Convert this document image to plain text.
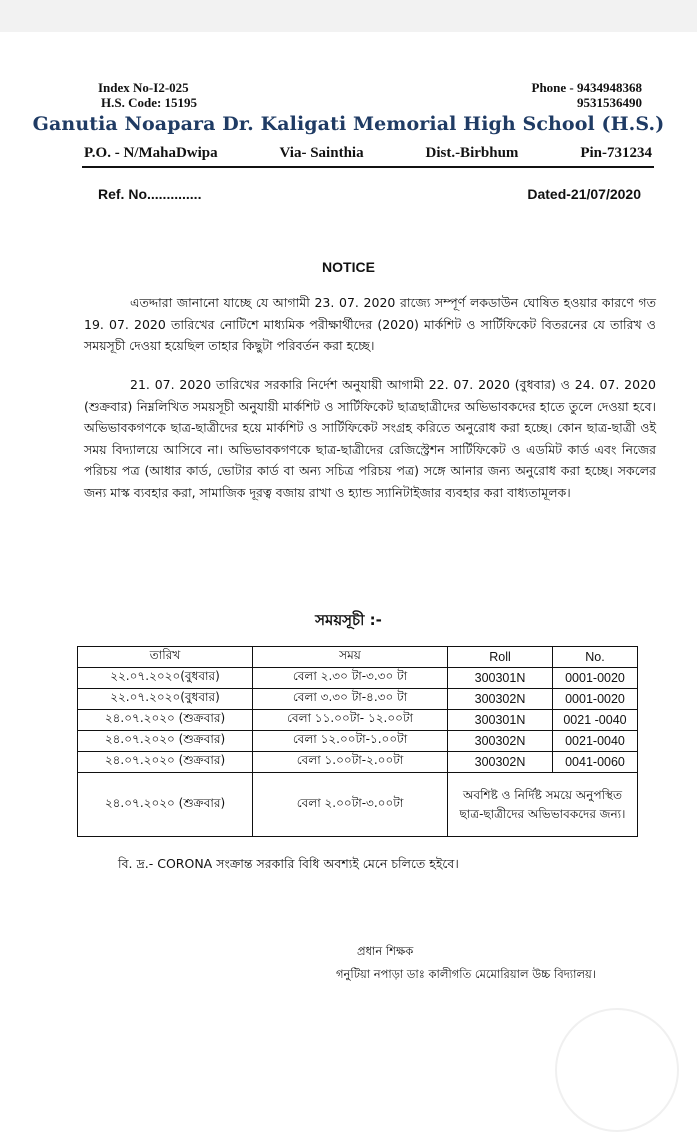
Index No-I2-025
H.S. Code: 15195
Phone - 9434948368
9531536490
Ganutia Noapara Dr. Kaligati Memorial High School (H.S.)
P.O. - N/MahaDwipa	Via- Sainthia	Dist.-Birbhum	Pin-731234
Ref. No..............	Dated-21/07/2020
NOTICE
এতদ্দারা জানানো যাচ্ছে যে আগামী 23. 07. 2020 রাজ্যে সম্পূর্ণ লকডাউন ঘোষিত হওয়ার কারণে গত 19. 07. 2020 তারিখের নোটিশে মাধ্যমিক পরীক্ষার্থীদের (2020) মার্কশিট ও সার্টিফিকেট বিতরনের যে তারিখ ও সময়সূচী দেওয়া হয়েছিল তাহার কিছুটা পরিবর্তন করা হচ্ছে।
21. 07. 2020 তারিখের সরকারি নির্দেশ অনুযায়ী আগামী 22. 07. 2020 (বুধবার) ও 24. 07. 2020 (শুক্রবার) নিম্নলিখিত সময়সূচী অনুযায়ী মার্কশিট ও সার্টিফিকেট ছাত্রছাত্রীদের অভিভাবকদের হাতে তুলে দেওয়া হবে। অভিভাবকগণকে ছাত্র-ছাত্রীদের হয়ে মার্কশিট ও সার্টিফিকেট সংগ্রহ করিতে অনুরোধ করা হচ্ছে। কোন ছাত্র-ছাত্রী ওই সময় বিদ্যালয়ে আসিবে না। অভিভাবকগণকে ছাত্র-ছাত্রীদের রেজিস্ট্রেশন সার্টিফিকেট ও এডমিট কার্ড এবং নিজের পরিচয় পত্র (আধার কার্ড, ভোটার কার্ড বা অন্য সচিত্র পরিচয় পত্র) সঙ্গে আনার জন্য অনুরোধ করা হচ্ছে। সকলের জন্য মাস্ক ব্যবহার করা, সামাজিক দূরত্ব বজায় রাখা ও হ্যান্ড স্যানিটাইজার ব্যবহার করা বাধ্যতামূলক।
সময়সূচী :-
তারিখ	সময়	Roll	No.
২২.০৭.২০২০(বুধবার)	বেলা ২.৩০ টা-৩.৩০ টা	300301N	0001-0020
২২.০৭.২০২০(বুধবার)	বেলা ৩.৩০ টা-৪.৩০ টা	300302N	0001-0020
২৪.০৭.২০২০ (শুক্রবার)	বেলা ১১.০০টা- ১২.০০টা	300301N	0021 -0040
২৪.০৭.২০২০ (শুক্রবার)	বেলা ১২.০০টা-১.০০টা	300302N	0021-0040
২৪.০৭.২০২০ (শুক্রবার)	বেলা ১.০০টা-২.০০টা	300302N	0041-0060
২৪.০৭.২০২০ (শুক্রবার)	বেলা ২.০০টা-৩.০০টা	অবশিষ্ট ও নির্দিষ্ট সময়ে অনুপস্থিত ছাত্র-ছাত্রীদের অভিভাবকদের জন্য।	
বি. দ্র.- CORONA সংক্রান্ত সরকারি বিধি অবশ্যই মেনে চলিতে হইবে।
প্রধান শিক্ষক
গনুটিয়া নপাড়া ডাঃ কালীগতি মেমোরিয়াল উচ্চ বিদ্যালয়।
